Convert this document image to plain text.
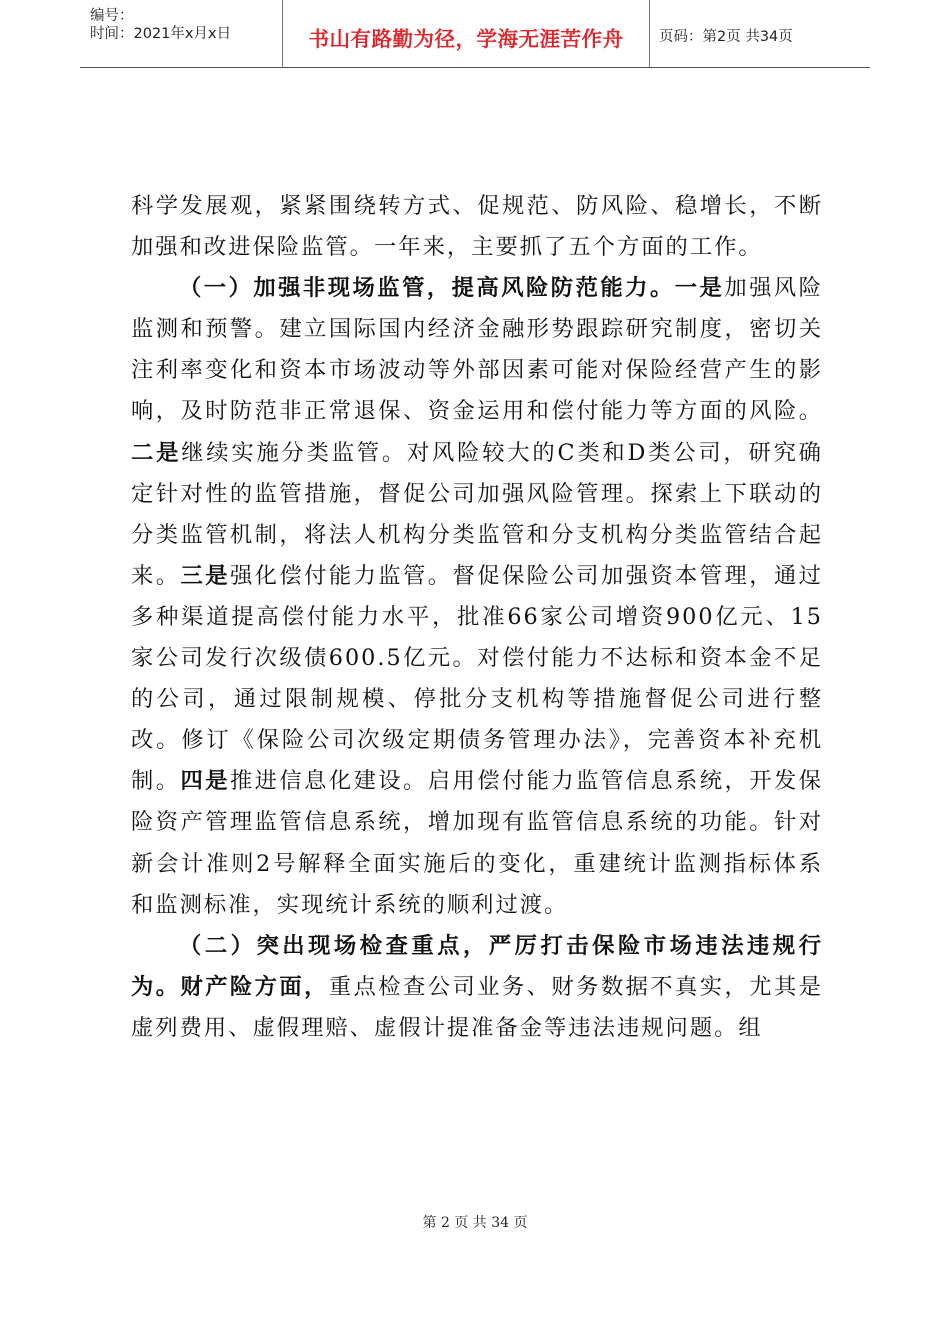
编号：
时间：2021年x月x日	书山有路勤为径，学海无涯苦作舟	页码：第2页 共34页

科学发展观，紧紧围绕转方式、促规范、防风险、稳增长，不断加强和改进保险监管。一年来，主要抓了五个方面的工作。

（一）加强非现场监管，提高风险防范能力。一是加强风险监测和预警。建立国际国内经济金融形势跟踪研究制度，密切关注利率变化和资本市场波动等外部因素可能对保险经营产生的影响，及时防范非正常退保、资金运用和偿付能力等方面的风险。二是继续实施分类监管。对风险较大的C类和D类公司，研究确定针对性的监管措施，督促公司加强风险管理。探索上下联动的分类监管机制，将法人机构分类监管和分支机构分类监管结合起来。三是强化偿付能力监管。督促保险公司加强资本管理，通过多种渠道提高偿付能力水平，批准66家公司增资900亿元、15家公司发行次级债600.5亿元。对偿付能力不达标和资本金不足的公司，通过限制规模、停批分支机构等措施督促公司进行整改。修订《保险公司次级定期债务管理办法》，完善资本补充机制。四是推进信息化建设。启用偿付能力监管信息系统，开发保险资产管理监管信息系统，增加现有监管信息系统的功能。针对新会计准则2号解释全面实施后的变化，重建统计监测指标体系和监测标准，实现统计系统的顺利过渡。

（二）突出现场检查重点，严厉打击保险市场违法违规行为。财产险方面，重点检查公司业务、财务数据不真实，尤其是虚列费用、虚假理赔、虚假计提准备金等违法违规问题。组

第 2 页 共 34 页
